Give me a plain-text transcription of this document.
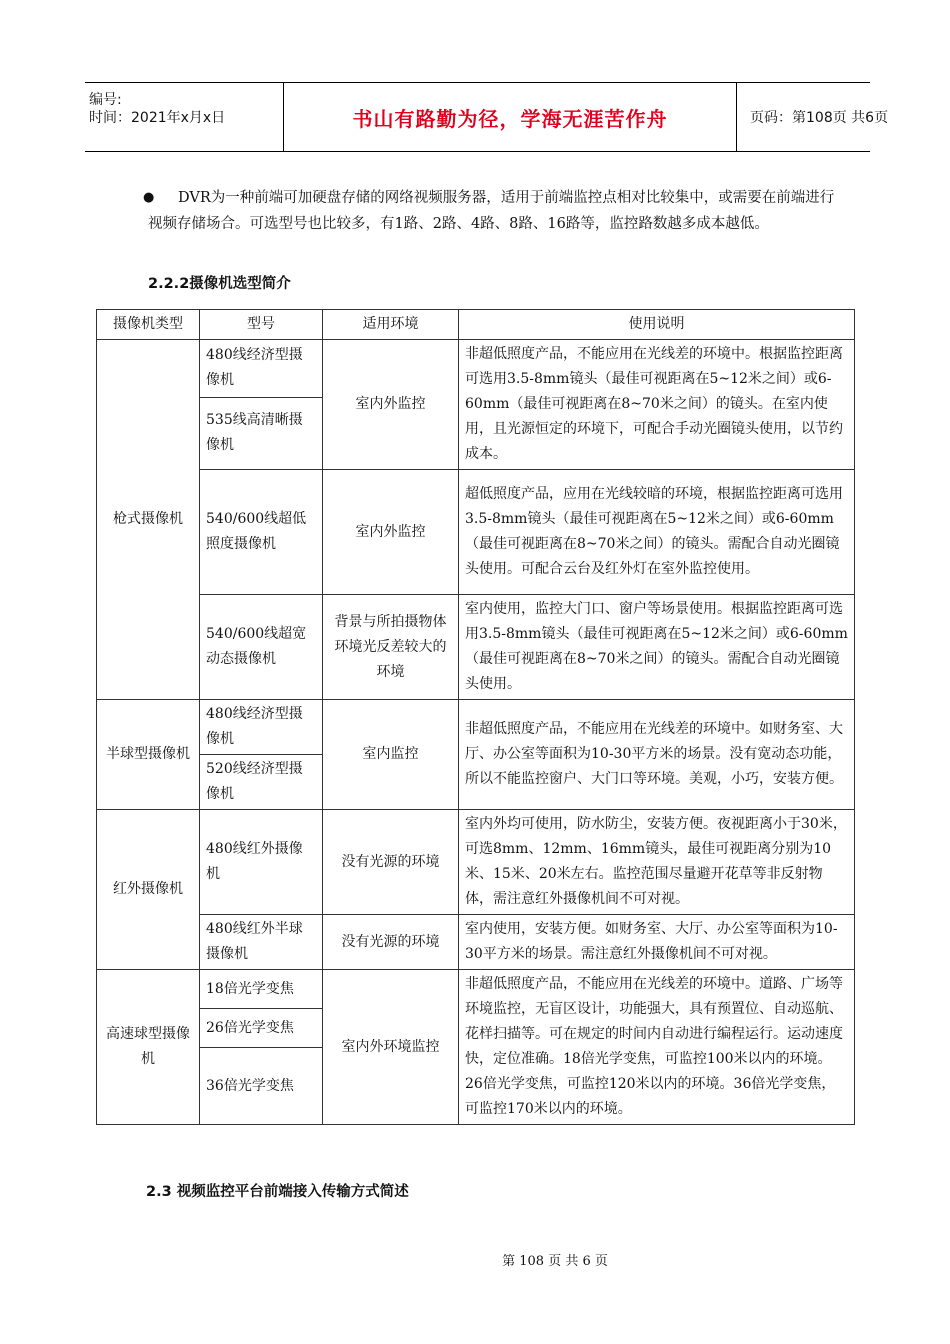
编号:
时间：2021年x月x日	书山有路勤为径，学海无涯苦作舟	页码：第108页 共6页
●	DVR为一种前端可加硬盘存储的网络视频服务器，适用于前端监控点相对比较集中，或需要在前端进行视频存储场合。可选型号也比较多，有1路、2路、4路、8路、16路等，监控路数越多成本越低。
2.2.2摄像机选型简介
摄像机类型	型号	适用环境	使用说明
枪式摄像机	480线经济型摄像机	室内外监控	非超低照度产品，不能应用在光线差的环境中。根据监控距离可选用3.5-8mm镜头（最佳可视距离在5~12米之间）或6-60mm（最佳可视距离在8~70米之间）的镜头。在室内使用，且光源恒定的环境下，可配合手动光圈镜头使用，以节约成本。
	535线高清晰摄像机		
	540/600线超低照度摄像机	室内外监控	超低照度产品，应用在光线较暗的环境，根据监控距离可选用3.5-8mm镜头（最佳可视距离在5~12米之间）或6-60mm（最佳可视距离在8~70米之间）的镜头。需配合自动光圈镜头使用。可配合云台及红外灯在室外监控使用。
	540/600线超宽动态摄像机	背景与所拍摄物体环境光反差较大的环境	室内使用，监控大门口、窗户等场景使用。根据监控距离可选用3.5-8mm镜头（最佳可视距离在5~12米之间）或6-60mm（最佳可视距离在8~70米之间）的镜头。需配合自动光圈镜头使用。
半球型摄像机	480线经济型摄像机	室内监控	非超低照度产品，不能应用在光线差的环境中。如财务室、大厅、办公室等面积为10-30平方米的场景。没有宽动态功能，所以不能监控窗户、大门口等环境。美观，小巧，安装方便。
	520线经济型摄像机		
红外摄像机	480线红外摄像机	没有光源的环境	室内外均可使用，防水防尘，安装方便。夜视距离小于30米，可选8mm、12mm、16mm镜头，最佳可视距离分别为10米、15米、20米左右。监控范围尽量避开花草等非反射物体，需注意红外摄像机间不可对视。
	480线红外半球摄像机	没有光源的环境	室内使用，安装方便。如财务室、大厅、办公室等面积为10-30平方米的场景。需注意红外摄像机间不可对视。
高速球型摄像机	18倍光学变焦	室内外环境监控	非超低照度产品，不能应用在光线差的环境中。道路、广场等环境监控，无盲区设计，功能强大，具有预置位、自动巡航、花样扫描等。可在规定的时间内自动进行编程运行。运动速度快，定位准确。18倍光学变焦，可监控100米以内的环境。26倍光学变焦，可监控120米以内的环境。36倍光学变焦，可监控170米以内的环境。
	26倍光学变焦		
	36倍光学变焦		
2.3 视频监控平台前端接入传输方式简述
第 108 页 共 6 页
